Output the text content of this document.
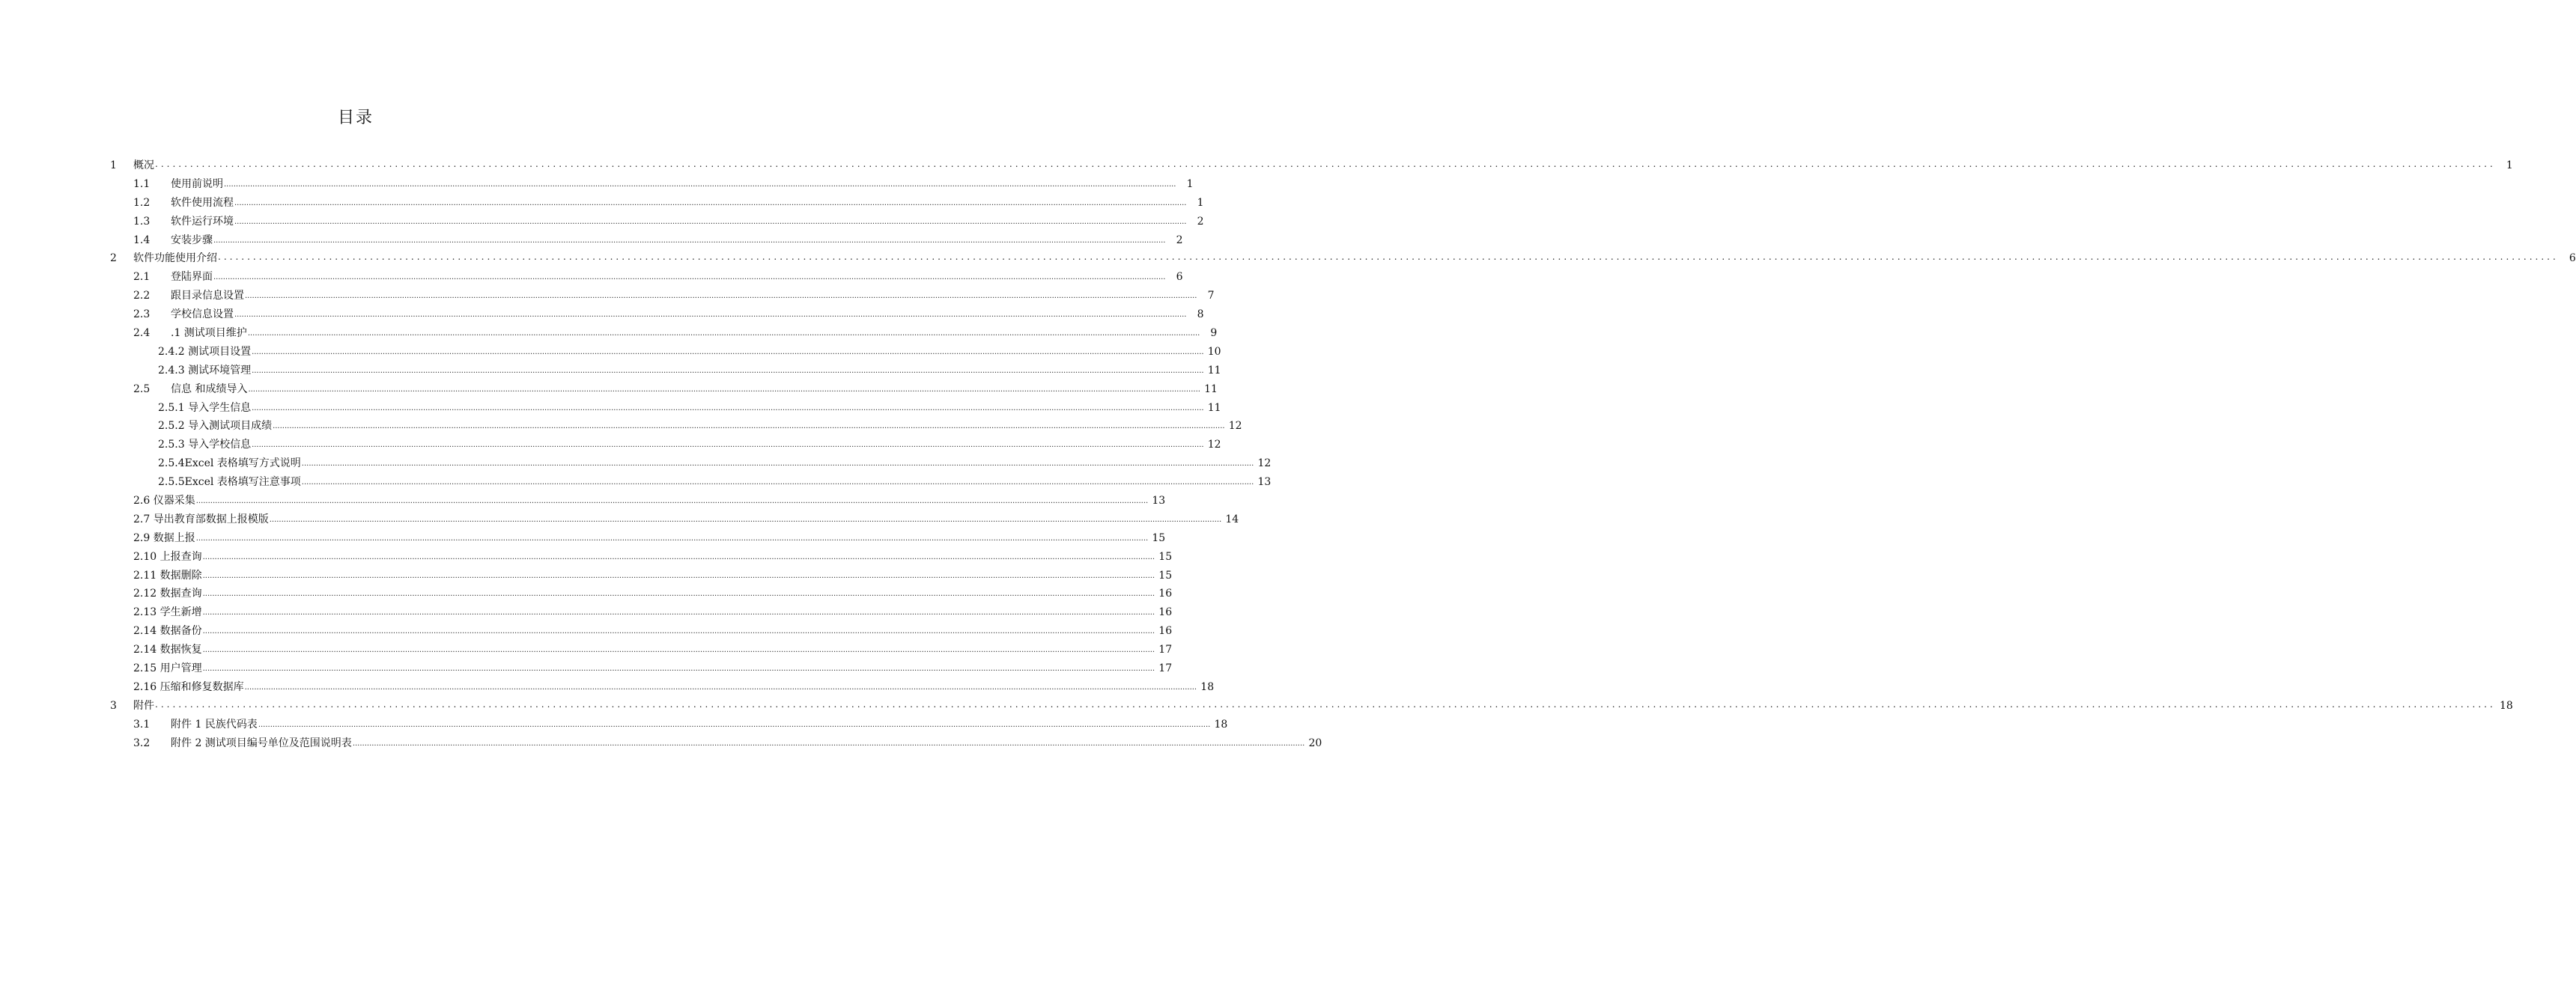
目录
1 概况 ................................................................................................................................................................................................................................................................................................................................................................................................................	1
1.1 使用前说明 ................................................................................................................................................................................................................................................................................................................................................................................................................	1
1.2 软件使用流程 ................................................................................................................................................................................................................................................................................................................................................................................................................	1
1.3 软件运行环境 ................................................................................................................................................................................................................................................................................................................................................................................................................	2
1.4 安装步骤 ................................................................................................................................................................................................................................................................................................................................................................................................................	2
2 软件功能使用介绍 ................................................................................................................................................................................................................................................................................................................................................................................................................	6
2.1 登陆界面 ................................................................................................................................................................................................................................................................................................................................................................................................................	6
2.2 跟目录信息设置 ................................................................................................................................................................................................................................................................................................................................................................................................................	7
2.3 学校信息设置 ................................................................................................................................................................................................................................................................................................................................................................................................................	8
2.4 .1 测试项目维护 ................................................................................................................................................................................................................................................................................................................................................................................................................	9
2.4.2 测试项目设置 ................................................................................................................................................................................................................................................................................................................................................................................................................ 10
2.4.3 测试环境管理 ................................................................................................................................................................................................................................................................................................................................................................................................................ 11
2.5 信息 和成绩导入 ................................................................................................................................................................................................................................................................................................................................................................................................................ 11
2.5.1 导入学生信息 ................................................................................................................................................................................................................................................................................................................................................................................................................ 11
2.5.2 导入测试项目成绩 ................................................................................................................................................................................................................................................................................................................................................................................................................ 12
2.5.3 导入学校信息 ................................................................................................................................................................................................................................................................................................................................................................................................................ 12
2.5.4Excel 表格填写方式说明 ................................................................................................................................................................................................................................................................................................................................................................................................................ 12
2.5.5Excel 表格填写注意事项 ................................................................................................................................................................................................................................................................................................................................................................................................................ 13
2.6 仪器采集 ................................................................................................................................................................................................................................................................................................................................................................................................................ 13
2.7 导出教育部数据上报模版 ................................................................................................................................................................................................................................................................................................................................................................................................................ 14
2.9 数据上报 ................................................................................................................................................................................................................................................................................................................................................................................................................ 15
2.10 上报查询 ................................................................................................................................................................................................................................................................................................................................................................................................................ 15
2.11 数据删除 ................................................................................................................................................................................................................................................................................................................................................................................................................ 15
2.12 数据查询 ................................................................................................................................................................................................................................................................................................................................................................................................................ 16
2.13 学生新增 ................................................................................................................................................................................................................................................................................................................................................................................................................ 16
2.14 数据备份 ................................................................................................................................................................................................................................................................................................................................................................................................................ 16
2.14 数据恢复 ................................................................................................................................................................................................................................................................................................................................................................................................................ 17
2.15 用户管理 ................................................................................................................................................................................................................................................................................................................................................................................................................ 17
2.16 压缩和修复数据库 ................................................................................................................................................................................................................................................................................................................................................................................................................ 18
3 附件 ................................................................................................................................................................................................................................................................................................................................................................................................................ 18
3.1 附件 1 民族代码表 ................................................................................................................................................................................................................................................................................................................................................................................................................ 18
3.2 附件 2 测试项目编号单位及范围说明表 ................................................................................................................................................................................................................................................................................................................................................................................................................ 20
